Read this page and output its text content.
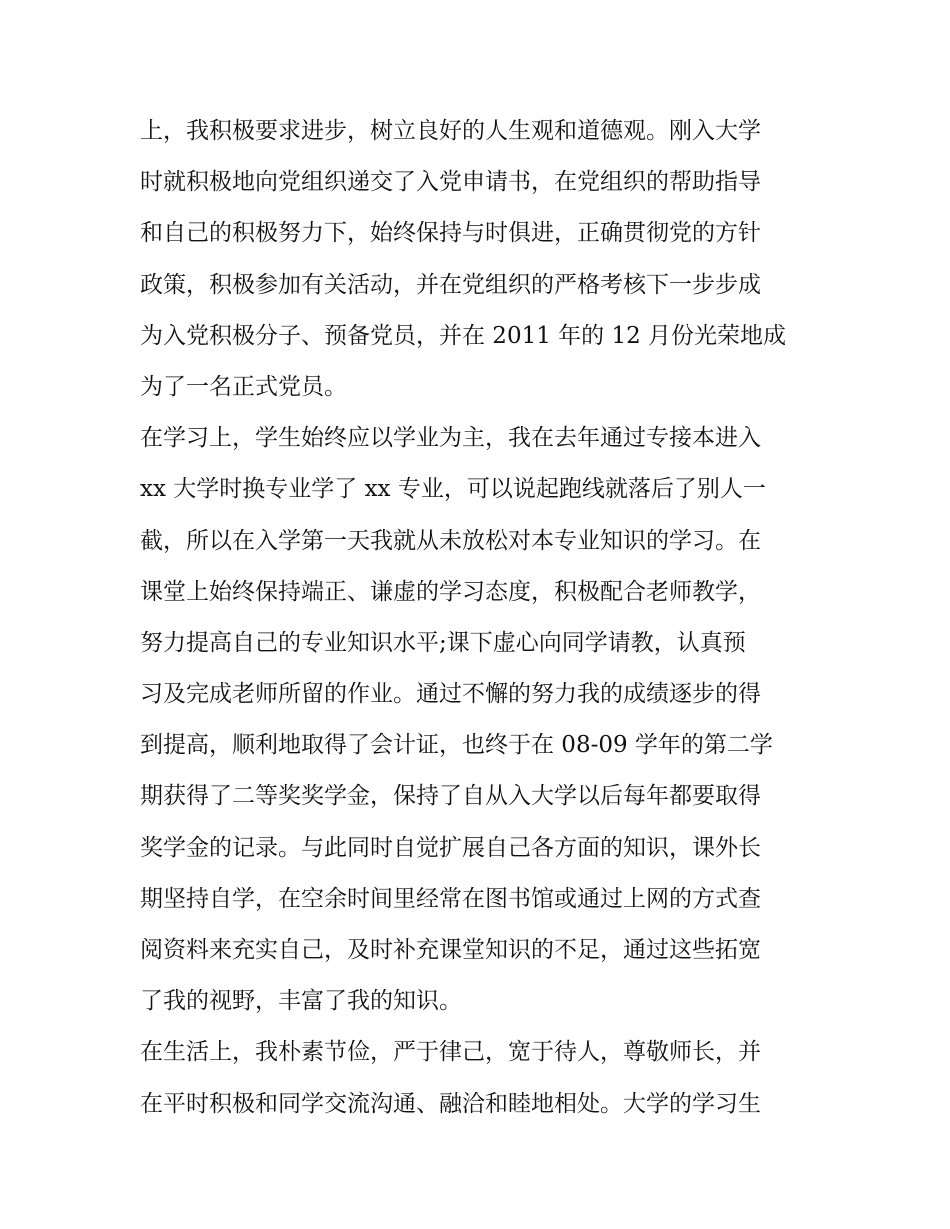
上，我积极要求进步，树立良好的人生观和道德观。刚入大学
时就积极地向党组织递交了入党申请书，在党组织的帮助指导
和自己的积极努力下，始终保持与时俱进，正确贯彻党的方针
政策，积极参加有关活动，并在党组织的严格考核下一步步成
为入党积极分子、预备党员，并在 2011 年的 12 月份光荣地成
为了一名正式党员。
在学习上，学生始终应以学业为主，我在去年通过专接本进入
xx 大学时换专业学了 xx 专业，可以说起跑线就落后了别人一
截，所以在入学第一天我就从未放松对本专业知识的学习。在
课堂上始终保持端正、谦虚的学习态度，积极配合老师教学，
努力提高自己的专业知识水平;课下虚心向同学请教，认真预
习及完成老师所留的作业。通过不懈的努力我的成绩逐步的得
到提高，顺利地取得了会计证，也终于在 08-09 学年的第二学
期获得了二等奖奖学金，保持了自从入大学以后每年都要取得
奖学金的记录。与此同时自觉扩展自己各方面的知识，课外长
期坚持自学，在空余时间里经常在图书馆或通过上网的方式查
阅资料来充实自己，及时补充课堂知识的不足，通过这些拓宽
了我的视野，丰富了我的知识。
在生活上，我朴素节俭，严于律己，宽于待人，尊敬师长，并
在平时积极和同学交流沟通、融洽和睦地相处。大学的学习生
